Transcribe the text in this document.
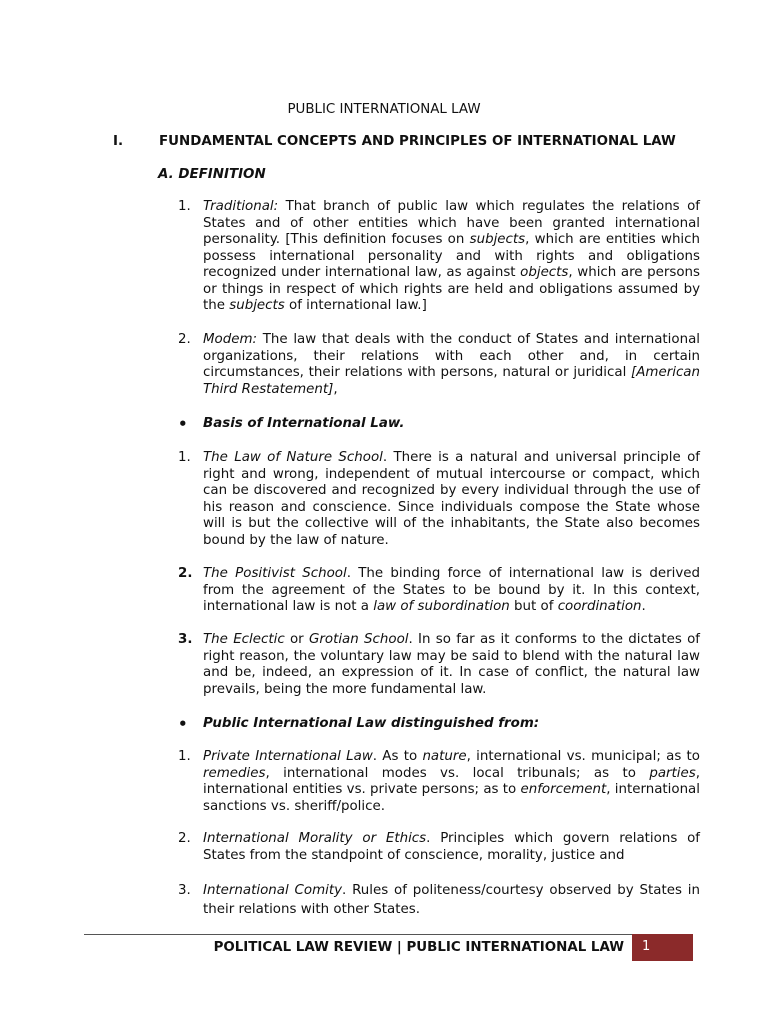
PUBLIC INTERNATIONAL LAW
I.	FUNDAMENTAL CONCEPTS AND PRINCIPLES OF INTERNATIONAL LAW
A. DEFINITION
1. Traditional: That branch of public law which regulates the relations of States and of other entities which have been granted international personality. [This definition focuses on subjects, which are entities which possess international personality and with rights and obligations recognized under international law, as against objects, which are persons or things in respect of which rights are held and obligations assumed by the subjects of international law.]
2. Modem: The law that deals with the conduct of States and international organizations, their relations with each other and, in certain circumstances, their relations with persons, natural or juridical [American Third Restatement],
•	Basis of International Law.
1. The Law of Nature School. There is a natural and universal principle of right and wrong, independent of mutual intercourse or compact, which can be discovered and recognized by every individual through the use of his reason and conscience. Since individuals compose the State whose will is but the collective will of the inhabitants, the State also becomes bound by the law of nature.
2. The Positivist School. The binding force of international law is derived from the agreement of the States to be bound by it. In this context, international law is not a law of subordination but of coordination.
3. The Eclectic or Grotian School. In so far as it conforms to the dictates of right reason, the voluntary law may be said to blend with the natural law and be, indeed, an expression of it. In case of conflict, the natural law prevails, being the more fundamental law.
•	Public International Law distinguished from:
1. Private International Law. As to nature, international vs. municipal; as to remedies, international modes vs. local tribunals; as to parties, international entities vs. private persons; as to enforcement, international sanctions vs. sheriff/police.
2. International Morality or Ethics. Principles which govern relations of States from the standpoint of conscience, morality, justice and
3. International Comity. Rules of politeness/courtesy observed by States in their relations with other States.
POLITICAL LAW REVIEW | PUBLIC INTERNATIONAL LAW 1
